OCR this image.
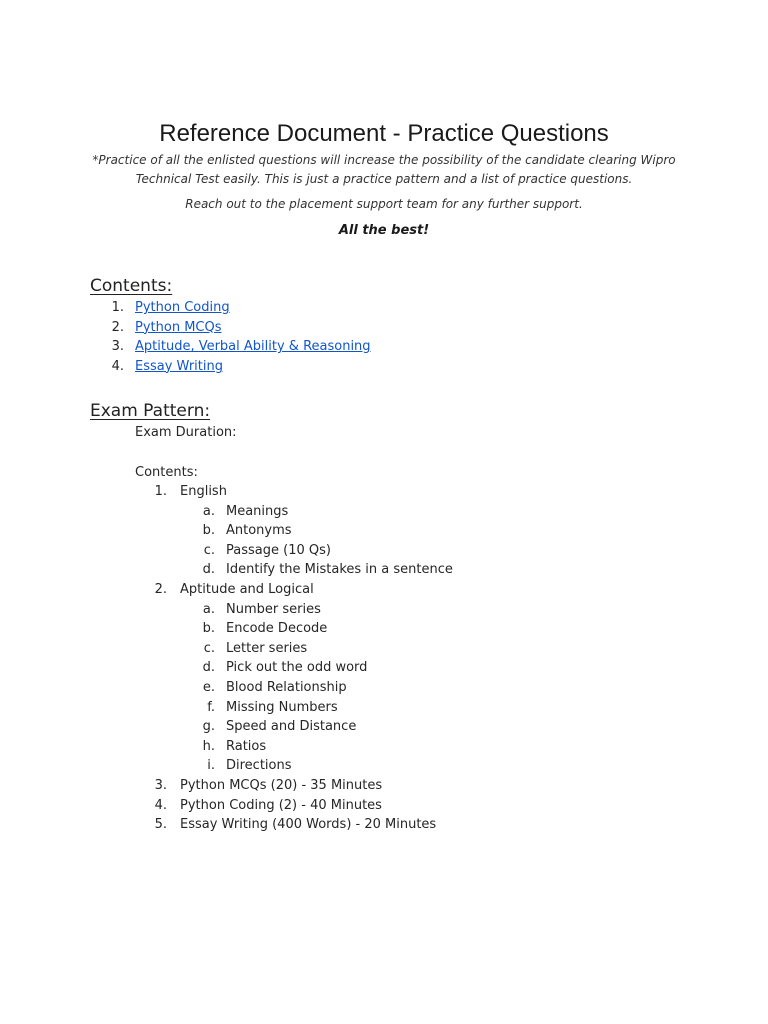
Reference Document - Practice Questions
*Practice of all the enlisted questions will increase the possibility of the candidate clearing Wipro Technical Test easily. This is just a practice pattern and a list of practice questions.
Reach out to the placement support team for any further support.
All the best!
Contents:
1. Python Coding
2. Python MCQs
3. Aptitude, Verbal Ability & Reasoning
4. Essay Writing
Exam Pattern:
Exam Duration:
Contents:
1. English
a. Meanings
b. Antonyms
c. Passage (10 Qs)
d. Identify the Mistakes in a sentence
2. Aptitude and Logical
a. Number series
b. Encode Decode
c. Letter series
d. Pick out the odd word
e. Blood Relationship
f. Missing Numbers
g. Speed and Distance
h. Ratios
i. Directions
3. Python MCQs (20) - 35 Minutes
4. Python Coding (2) - 40 Minutes
5. Essay Writing (400 Words) - 20 Minutes
